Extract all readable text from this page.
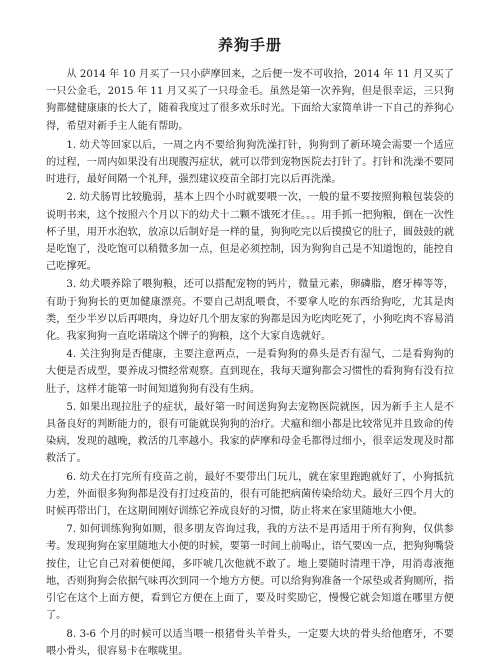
养狗手册

从 2014 年 10 月买了一只小萨摩回来，之后便一发不可收拾，2014 年 11 月又买了一只公金毛，2015 年 11 月又买了一只母金毛。虽然是第一次养狗，但是很幸运，三只狗狗都健健康康的长大了，随着我度过了很多欢乐时光。下面给大家简单讲一下自己的养狗心得，希望对新手主人能有帮助。

1. 幼犬等回家以后，一周之内不要给狗狗洗澡打针，狗狗到了新环境会需要一个适应的过程，一周内如果没有出现腹泻症状，就可以带到宠物医院去打针了。打针和洗澡不要同时进行，最好间隔一个礼拜，强烈建议疫苗全部打完以后再洗澡。

2. 幼犬肠胃比较脆弱，基本上四个小时就要喂一次，一般的量不要按照狗粮包装袋的说明书来，这个按照六个月以下的幼犬十二颗不饿死才佳。。。用手抓一把狗粮，倒在一次性杯子里，用开水泡软，放凉以后制好是一样的量，狗狗吃完以后摸摸它的肚子，圆鼓鼓的就是吃饱了，没吃饱可以稍微多加一点，但是必须控制，因为狗狗自己是不知道饱的，能控自己吃撑死。

3. 幼犬喂养除了喂狗粮，还可以搭配宠物的钙片，微量元素，卵磷脂，磨牙棒等等，有助于狗狗长的更加健康漂亮。不要自己胡乱喂食，不要拿人吃的东西给狗吃，尤其是肉类，至少半岁以后再喂肉，身边好几个朋友家的狗都是因为吃肉吃死了，小狗吃肉不容易消化。我家狗狗一直吃诺瑞这个牌子的狗粮，这个大家自选就好。

4. 关注狗狗是否健康，主要注意两点，一是看狗狗的鼻头是否有湿气，二是看狗狗的大便是否成型，要养成习惯经常观察。直到现在，我每天遛狗都会习惯性的看狗狗有没有拉肚子，这样才能第一时间知道狗狗有没有生病。

5. 如果出现拉肚子的症状，最好第一时间送狗狗去宠物医院就医，因为新手主人是不具备良好的判断能力的，很有可能就误狗狗的治疗。犬瘟和细小都是比较常见并且致命的传染病，发现的越晚，救活的几率越小。我家的萨摩和母金毛都得过细小，很幸运发现及时都救活了。

6. 幼犬在打完所有疫苗之前，最好不要带出门玩儿，就在家里跑跑就好了，小狗抵抗力差，外面很多狗狗都是没有打过疫苗的，很有可能把病菌传染给幼犬。最好三四个月大的时候再带出门，在这期间刚好训练它养成良好的习惯，防止将来在家里随地大小便。

7. 如何训练狗狗如厕，很多朋友咨询过我，我的方法不是再适用于所有狗狗，仅供参考。发现狗狗在家里随地大小便的时候，要第一时间上前喝止，语气要凶一点，把狗狗嘴袋按住，让它自己对着便便闻，多吓唬几次他就不敢了。地上要随时清理干净，用消毒液拖地，否则狗狗会依据气味再次到同一个地方方便。可以给狗狗准备一个尿垫或者狗厕所，指引它在这个上面方便，看到它方便在上面了，要及时奖励它，慢慢它就会知道在哪里方便了。

8. 3-6 个月的时候可以适当喂一根猪骨头羊骨头，一定要大块的骨头给他磨牙，不要喂小骨头，很容易卡在喉咙里。
